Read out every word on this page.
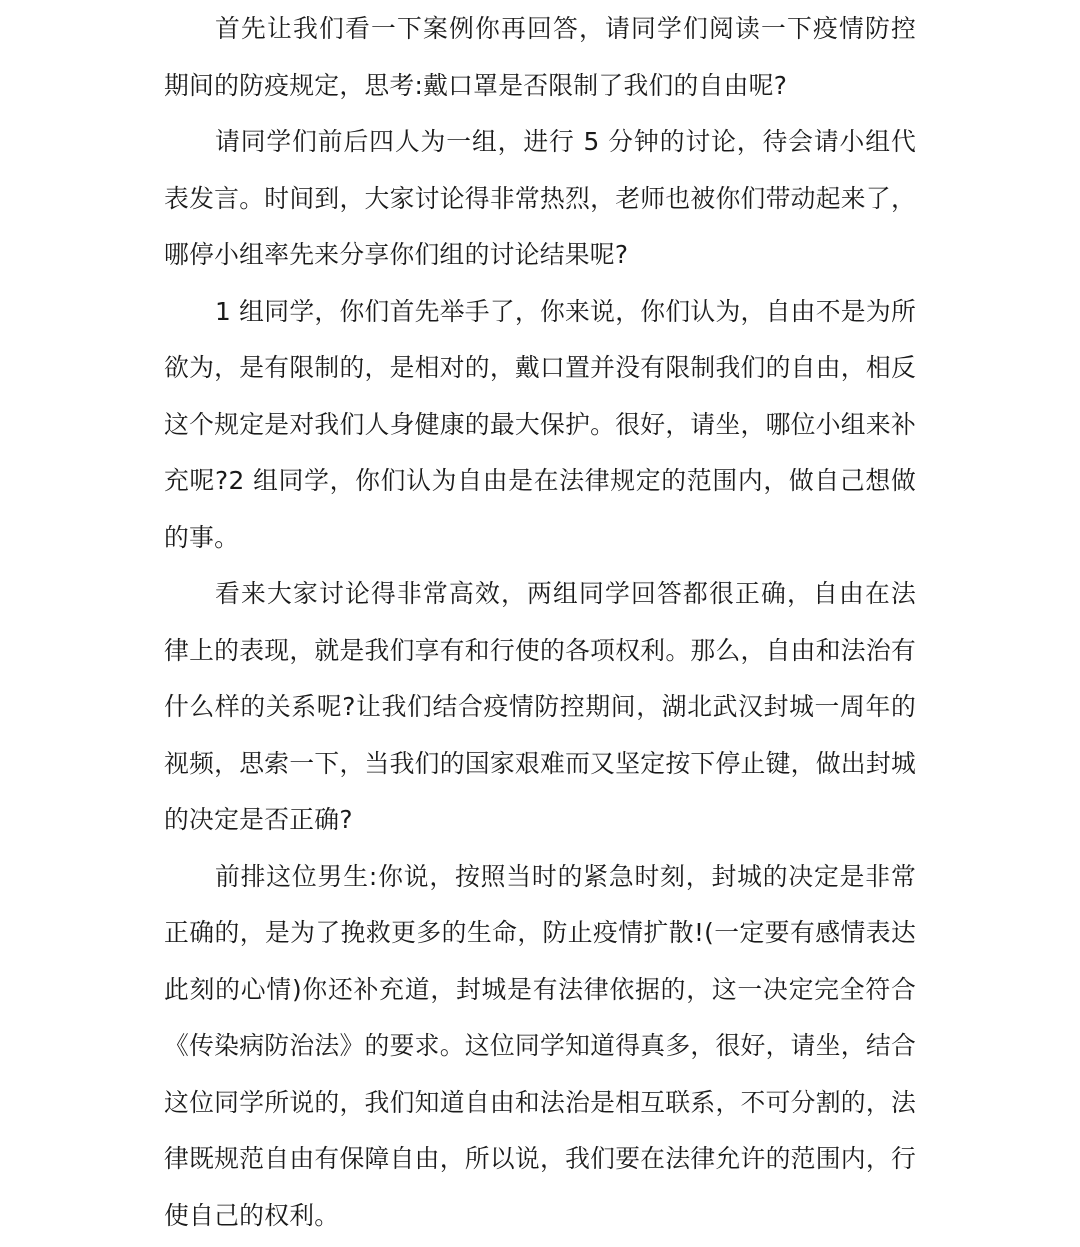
首先让我们看一下案例你再回答，请同学们阅读一下疫情防控期间的防疫规定，思考:戴口罩是否限制了我们的自由呢?

请同学们前后四人为一组，进行 5 分钟的讨论，待会请小组代表发言。时间到，大家讨论得非常热烈，老师也被你们带动起来了，哪停小组率先来分享你们组的讨论结果呢?

1 组同学，你们首先举手了，你来说，你们认为，自由不是为所欲为，是有限制的，是相对的，戴口置并没有限制我们的自由，相反这个规定是对我们人身健康的最大保护。很好，请坐，哪位小组来补充呢?2 组同学，你们认为自由是在法律规定的范围内，做自己想做的事。

看来大家讨论得非常高效，两组同学回答都很正确，自由在法律上的表现，就是我们享有和行使的各项权利。那么，自由和法治有什么样的关系呢?让我们结合疫情防控期间，湖北武汉封城一周年的视频，思索一下，当我们的国家艰难而又坚定按下停止键，做出封城的决定是否正确?

前排这位男生:你说，按照当时的紧急时刻，封城的决定是非常正确的，是为了挽救更多的生命，防止疫情扩散!(一定要有感情表达此刻的心情)你还补充道，封城是有法律依据的，这一决定完全符合《传染病防治法》的要求。这位同学知道得真多，很好，请坐，结合这位同学所说的，我们知道自由和法治是相互联系，不可分割的，法律既规范自由有保障自由，所以说，我们要在法律允许的范围内，行使自己的权利。
